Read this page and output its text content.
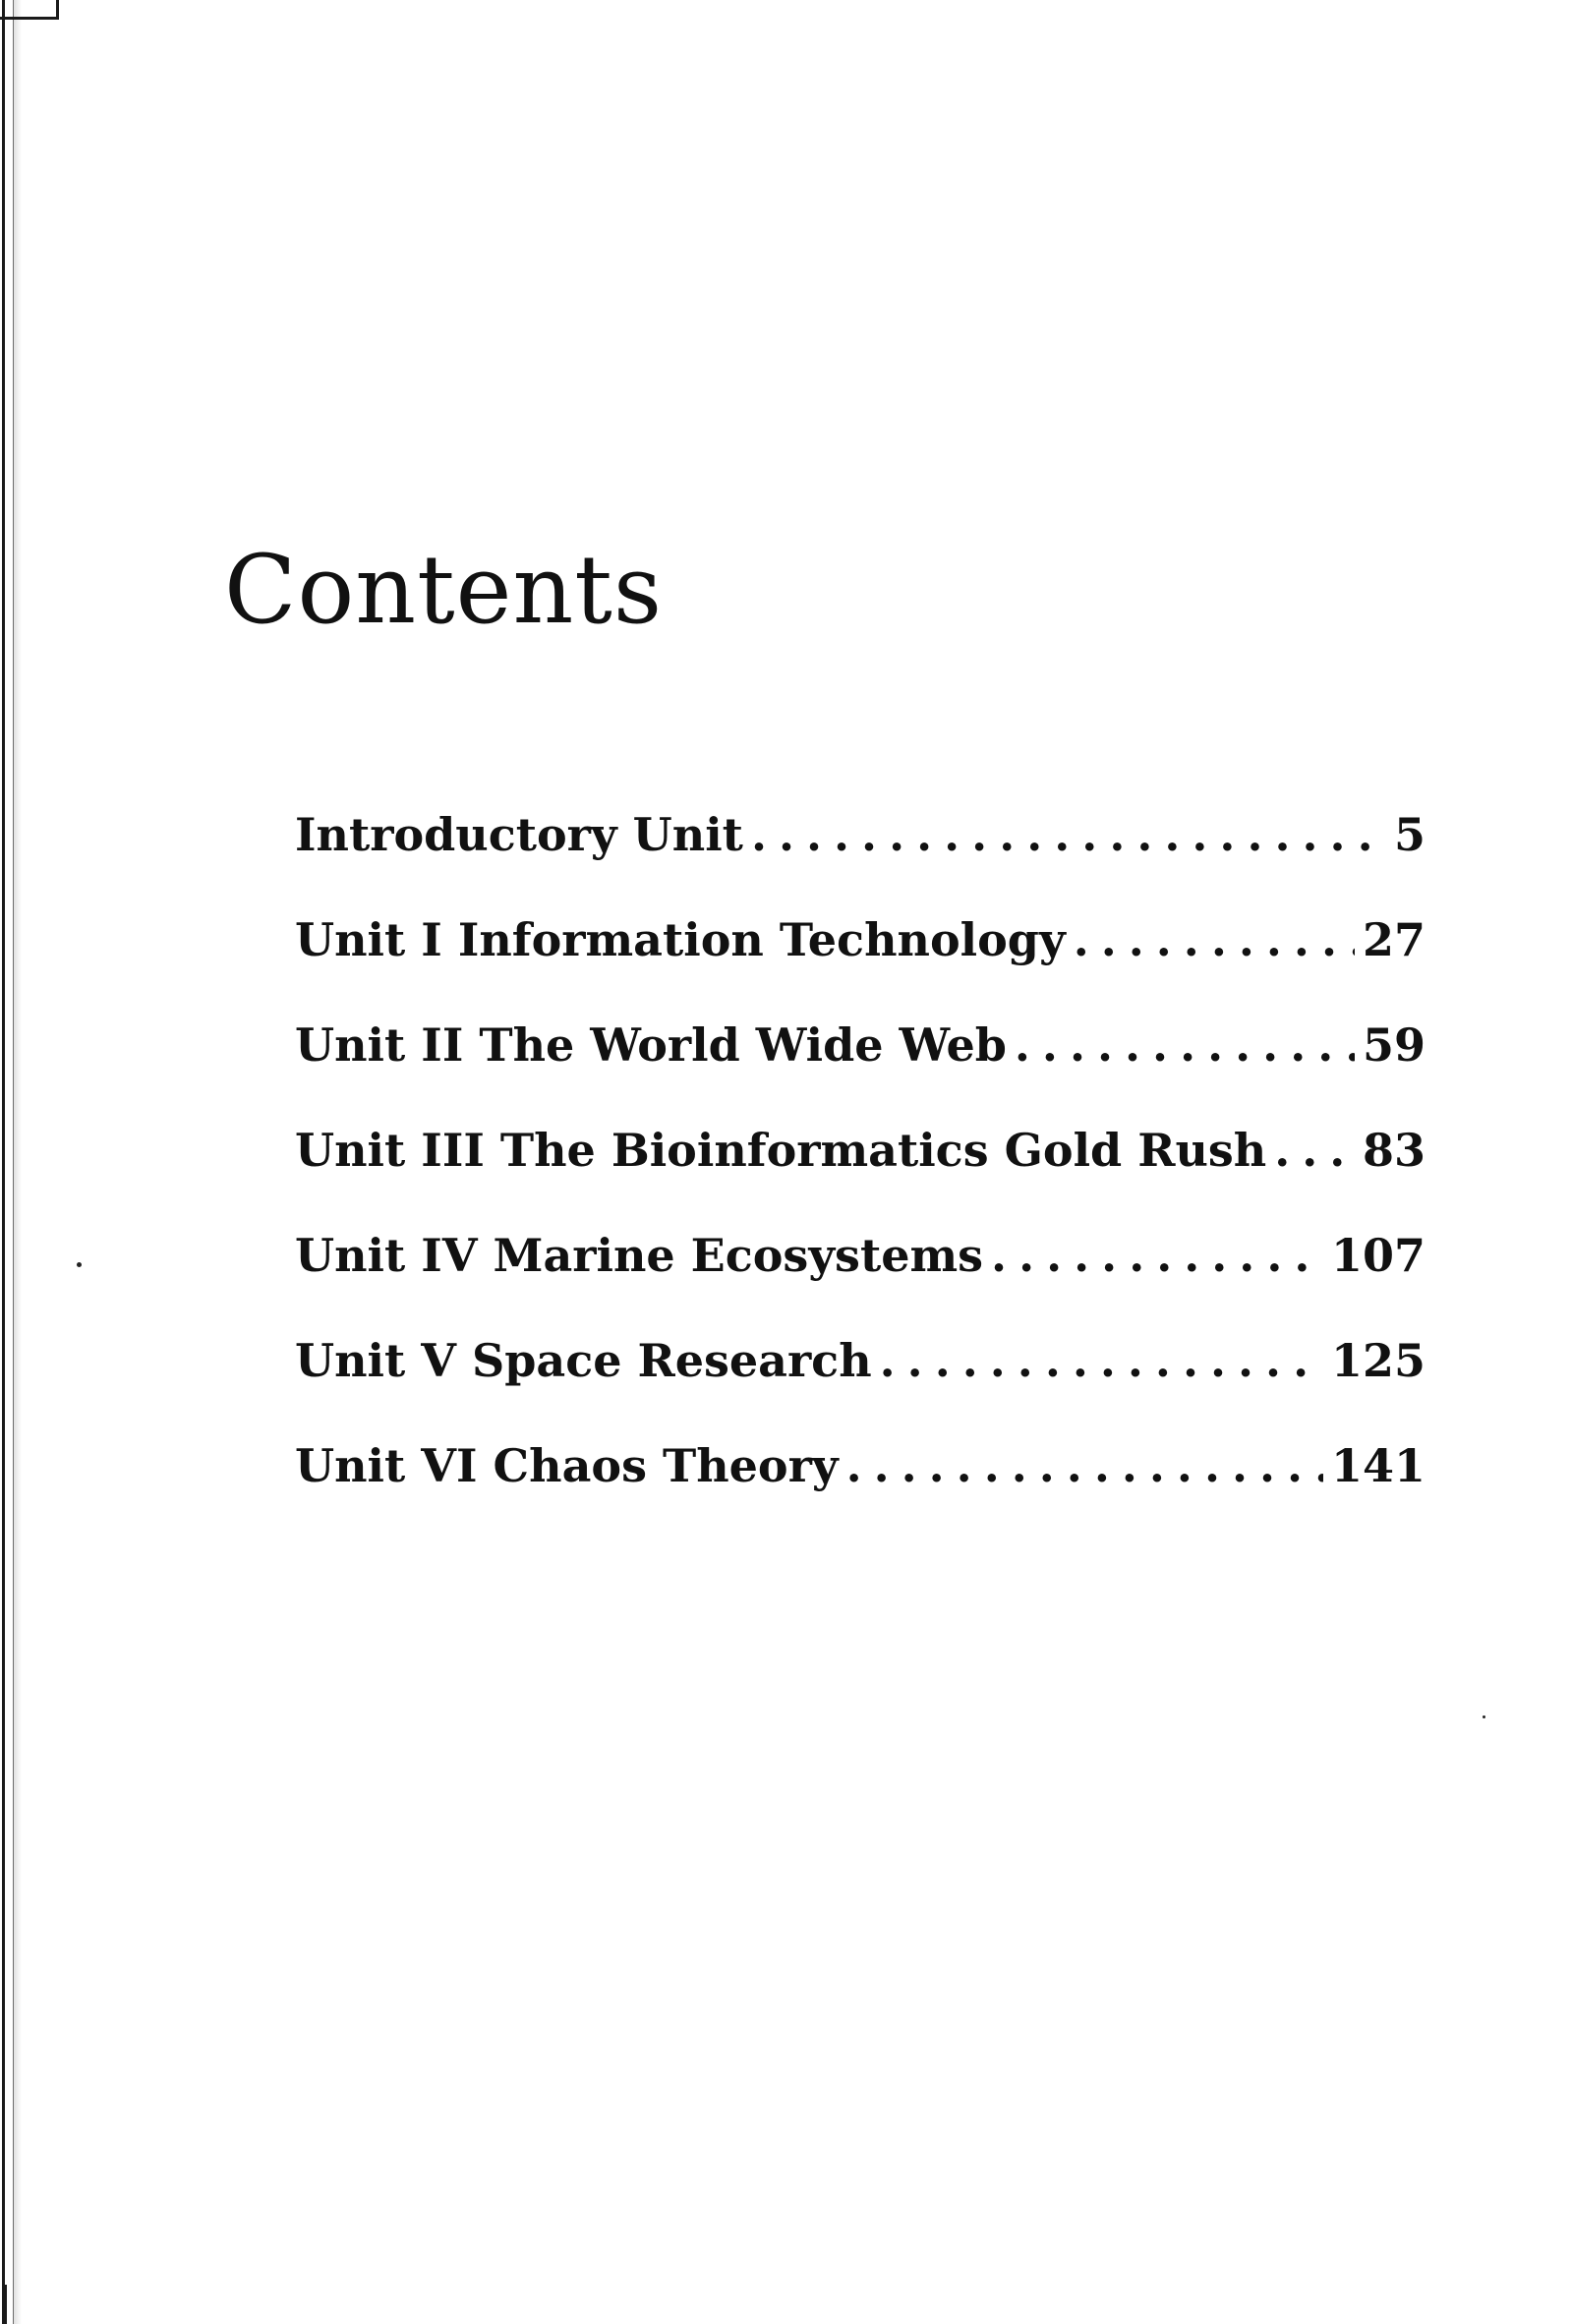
Contents
Introductory Unit . . .	5
Unit I Information Technology . . .	27
Unit II The World Wide Web . . .	59
Unit III The Bioinformatics Gold Rush . . . 83
Unit IV Marine Ecosystems . . .	107
Unit V Space Research . . .	125
Unit VI Chaos Theory . . .	141
